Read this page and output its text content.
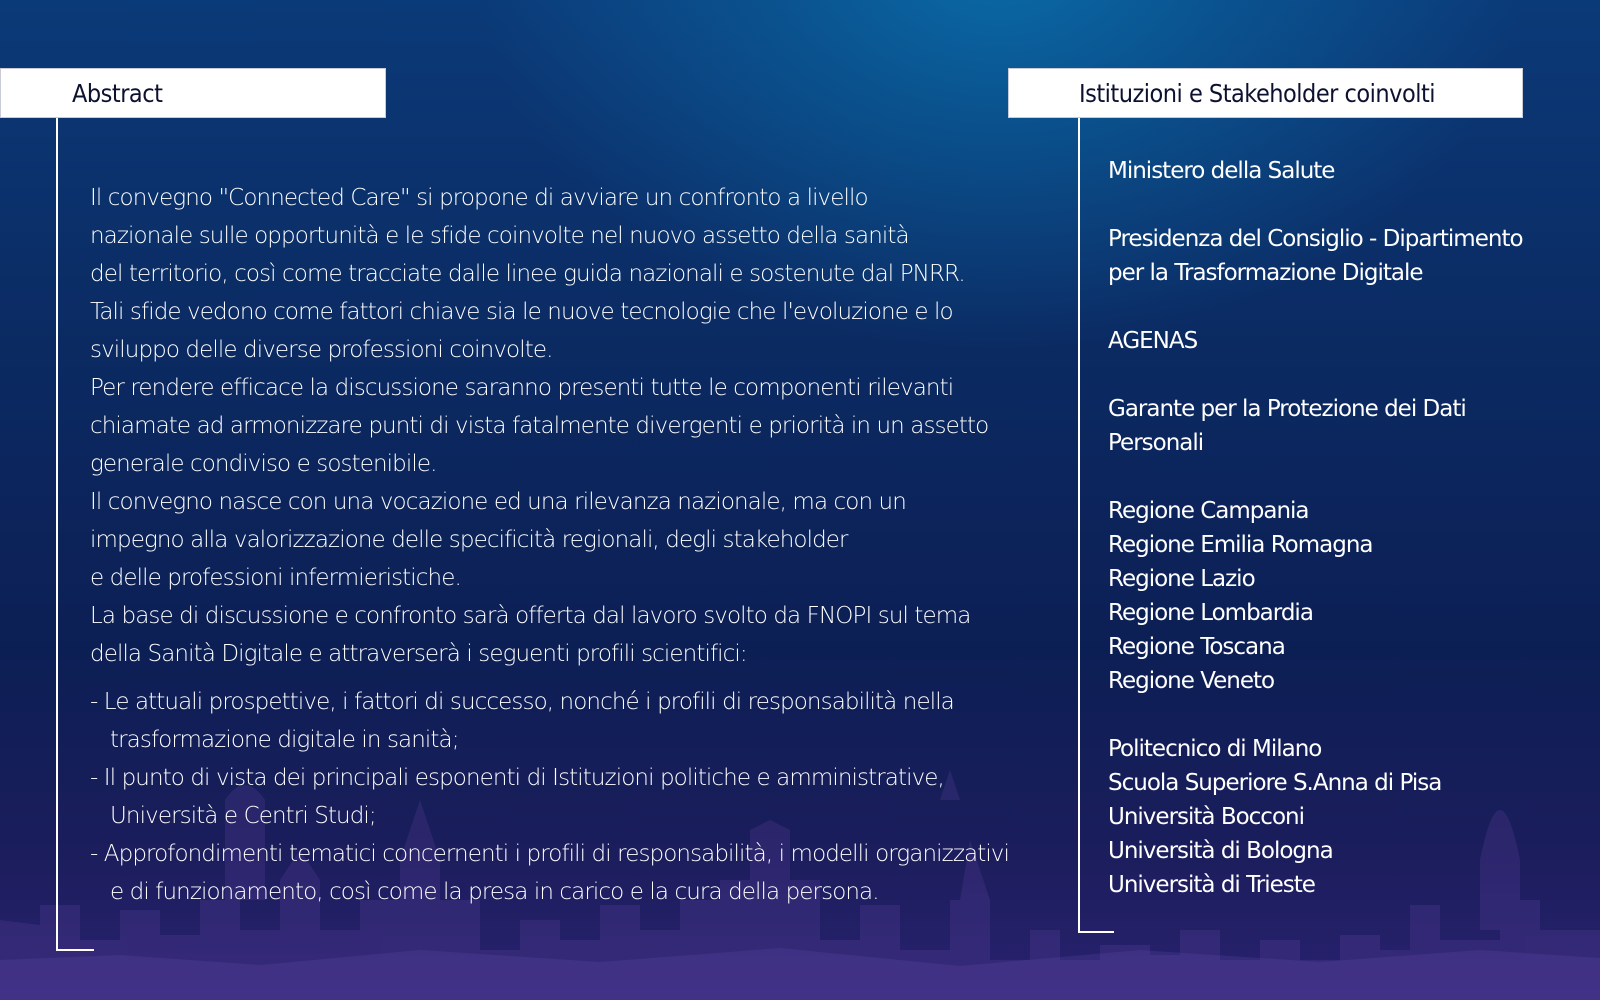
Abstract
Il convegno "Connected Care" si propone di avviare un confronto a livello
nazionale sulle opportunità e le sfide coinvolte nel nuovo assetto della sanità
del territorio, così come tracciate dalle linee guida nazionali e sostenute dal PNRR.
Tali sfide vedono come fattori chiave sia le nuove tecnologie che l'evoluzione e lo
sviluppo delle diverse professioni coinvolte.
Per rendere efficace la discussione saranno presenti tutte le componenti rilevanti
chiamate ad armonizzare punti di vista fatalmente divergenti e priorità in un assetto
generale condiviso e sostenibile.
Il convegno nasce con una vocazione ed una rilevanza nazionale, ma con un
impegno alla valorizzazione delle specificità regionali, degli stakeholder
e delle professioni infermieristiche.
La base di discussione e confronto sarà offerta dal lavoro svolto da FNOPI sul tema
della Sanità Digitale e attraverserà i seguenti profili scientifici:
- Le attuali prospettive, i fattori di successo, nonché i profili di responsabilità nella
trasformazione digitale in sanità;
- Il punto di vista dei principali esponenti di Istituzioni politiche e amministrative,
Università e Centri Studi;
- Approfondimenti tematici concernenti i profili di responsabilità, i modelli organizzativi
e di funzionamento, così come la presa in carico e la cura della persona.
Istituzioni e Stakeholder coinvolti
Ministero della Salute
Presidenza del Consiglio - Dipartimento
per la Trasformazione Digitale
AGENAS
Garante per la Protezione dei Dati
Personali
Regione Campania
Regione Emilia Romagna
Regione Lazio
Regione Lombardia
Regione Toscana
Regione Veneto
Politecnico di Milano
Scuola Superiore S.Anna di Pisa
Università Bocconi
Università di Bologna
Università di Trieste
